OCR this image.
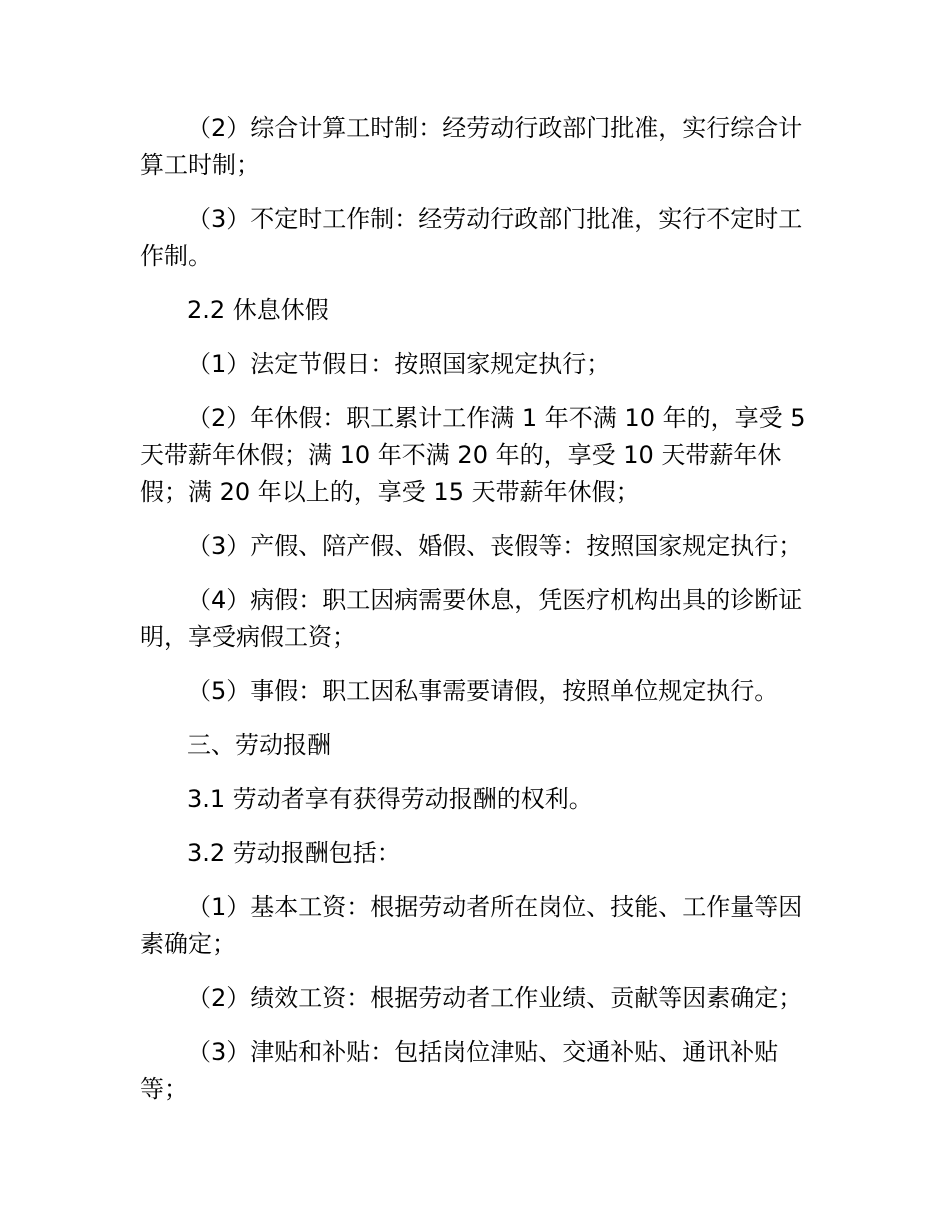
（2）综合计算工时制：经劳动行政部门批准，实行综合计算工时制；

（3）不定时工作制：经劳动行政部门批准，实行不定时工作制。

2.2 休息休假

（1）法定节假日：按照国家规定执行；

（2）年休假：职工累计工作满 1 年不满 10 年的，享受 5 天带薪年休假；满 10 年不满 20 年的，享受 10 天带薪年休假；满 20 年以上的，享受 15 天带薪年休假；

（3）产假、陪产假、婚假、丧假等：按照国家规定执行；

（4）病假：职工因病需要休息，凭医疗机构出具的诊断证明，享受病假工资；

（5）事假：职工因私事需要请假，按照单位规定执行。

三、劳动报酬

3.1 劳动者享有获得劳动报酬的权利。

3.2 劳动报酬包括：

（1）基本工资：根据劳动者所在岗位、技能、工作量等因素确定；

（2）绩效工资：根据劳动者工作业绩、贡献等因素确定；

（3）津贴和补贴：包括岗位津贴、交通补贴、通讯补贴等；
